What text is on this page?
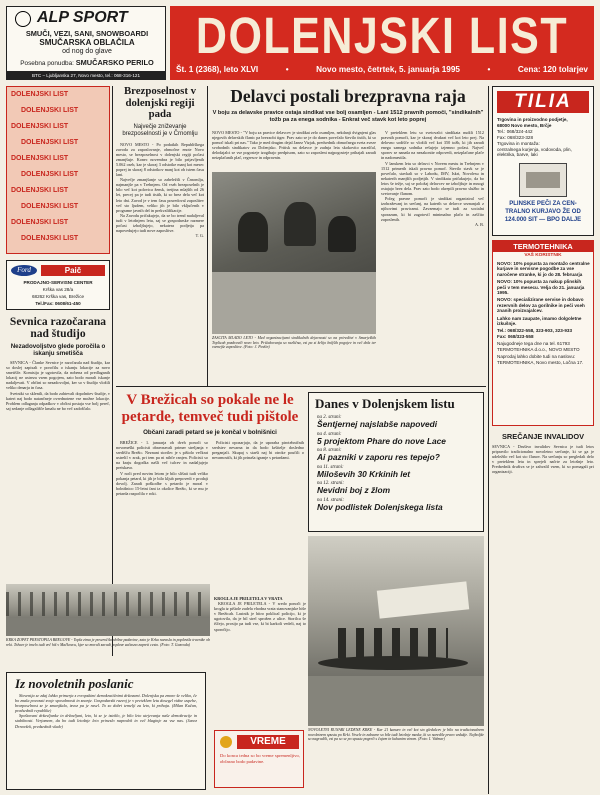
ALP SPORT
SMUČI, VEZI, SANI, SNOWBOARDI
SMUČARSKA OBLAČILA
od nog do glave
Posebna ponudba: SMUČARSKO PERILO
BTC – Ljubljanska 27, Novo mesto, tel.: 068-316-121
DOLENJSKI LIST
Št. 1 (2368), leto XLVI	•	Novo mesto, četrtek, 5. januarja 1995	•	Cena: 120 tolarjev
DOLENJSKI LIST
DOLENJSKI LIST
DOLENJSKI LIST
DOLENJSKI LIST
DOLENJSKI LIST
DOLENJSKI LIST
DOLENJSKI LIST
DOLENJSKI LIST
DOLENJSKI LIST
DOLENJSKI LIST
Ford	Paič
PRODAJNO-SERVISNI CENTER
Krška vas 28/a
68262 Krška vas, Brežice
Tel./Fax: 0608/61-450
Sevnica razočarana nad študijo
Nezadovoljstvo glede poročila o iskanju smetišča

SEVNICA - Članke Sevnice je razočarala nad študijo, kar so doslej zapisali v poročilu o iskanju lokacije za novo smetišče. Komisija je ugotovila, da nobena od predlaganih lokacij ne ustreza vsem pogojem, zato bodo morali iskanje nadaljevati. V občini so nezadovoljni, ker so v študijo vložili veliko denarja in časa.

Svetniki so sklenili, da bodo zahtevali dopolnitev študije, v kateri naj bodo natančneje ovrednotene vse možne lokacije. Problem odlaganja odpadkov v občini postaja vse bolj pereč, saj sedanje odlagališče kmalu ne bo več zadoščalo.

Brezposelnost v dolenjski regiji pada
Največje zniževanje brezposelnosti je v Črnomlju

NOVO MESTO - Po podatkih Republiškega zavoda za zaposlovanje, območne enote Novo mesto, se brezposelnost v dolenjski regiji počasi zmanjšuje. Konec novembra je bilo prijavljenih 5.062 oseb, kar je skoraj 3 odstotke manj kot mesec poprej in skoraj 8 odstotkov manj kot ob istem času lani.

Največje zmanjšanje so zabeležili v Črnomlju, najmanjše pa v Trebnjem. Od vseh brezposelnih je bilo več kot polovica žensk, tretjina mlajših od 26 let, precej pa je tudi tistih, ki so brez dela več kot leto dni. Zavod je v tem času posredoval zaposlitev več sto ljudem, veliko jih je bilo vključenih v programe javnih del in prekvalifikacije.

Na Zavodu pričakujejo, da se bo trend nadaljeval tudi v letošnjem letu, saj se gospodarske razmere počasi izboljšujejo, nekatera podjetja pa napovedujejo tudi nove zaposlitve.

T. G.

Delavci postali brezpravna raja
V boju za delavske pravice ostaja sindikat vse bolj osamljen - Lani 1512 pravnih pomoči, "sindikalnih" tožb pa za enega sodnika - Enkrat več stavk kot leto poprej
NOVO MESTO - "V boju za pravice delavcev je sindikat zelo osamljen, nekdanji dvignjeni glas njegovih delavskih članic pa brezzobi tiger. Prav zato se je do danes povečalo število tistih, ki so pomoč iskali pri nas." Tako je med drugim dejal Janez Vizjak, predsednik območnega sveta zveze svobodnih sindikatov za Dolenjsko. Pritisk na delavce je zadnja leta skokovito naraščal, delodajalci se vse pogosteje izogibajo predpisom, zato so zaposleni najpogosteje prihajali zaradi neizplačanih plač, regresov in odpravnin.
ZAŠČITA MLADO LETO - Med organizacijami sindikalnih dejavnosti so na prireditvi v Šmarjeških Toplicah pozdravili novo leto. Pričakovanja so različna, vsi pa si želijo boljših pogojev in več dela ter varnejše zaposlitve. (Foto: J. Pavlin)

V preteklem letu so svetovalci sindikata nudili 1512 pravnih pomoči, kar je skoraj dvakrat več kot leto prej. Na delovno sodišče so vložili več kot 350 tožb, ki jih zaradi enega samega sodnika rešujejo izjemno počasi. Največ sporov se nanaša na nezakonite odpovedi, neizplačane plače in nadomestila.

V lanskem letu so delavci v Novem mestu in Trebnjem v 1512 primerih iskali pravno pomoč. Število stavk se je povečalo, stavkali so v Labodu, IMV, Iskri, Novolesu in nekaterih manjših podjetjih. V sindikatu pričakujejo, da bo letos še težje, saj se položaj delavcev ne izboljšuje in mnogi ostajajo brez dela. Prav zato bodo okrepili pravno službo in svetovanje članom.

Poleg pravne pomoči je sindikat organiziral več izobraževanj in srečanj, na katerih so delavce seznanjali z njihovimi pravicami. Zavzemajo se tudi za socialni sporazum, ki bi zagotovil minimalno plačo in zaščito zaposlenih.

A. B.

V Brežicah so pokale ne le petarde, temveč tudi pištole
Občani zaradi petard se je končal v bolnišnici

BREŽICE - 1. januarja ob dveh ponoči so novomeški policisti obravnavali primer streljanja v središču Brežic. Neznani storilec je s pištolo večkrat ustrelil v zrak, pri tem pa ni nihče ranjen. Policisti so na kraju dogodka našli več tulcev in nadaljujejo preiskavo.

V noči pred novim letom je bilo slišati tudi veliko pokanja petard, ki jih je bilo kljub prepovedi v prodaji dovolj. Zaradi poškodbe s petardo je moral v bolnišnico 15-letni fant iz okolice Brežic, ki se mu je petarda razpočila v roki.

Policisti opozarjajo, da je uporaba pirotehničnih sredstev nevarna in da bodo kršitelje dosledno preganjali. Skupaj s starši naj bi otroke poučili o nevarnostih, ki jih prinaša igranje s petardami.

Danes v Dolenjskem listu
na 2. strani:
Šentjernej najslabše napovedi
na 4. strani:
5 projektom Phare do nove Lace
na 8. strani:
Ai pazniki v zaporu res tepejo?
na 11. strani:
Miloševih 30 Krkinih let
na 12. strani:
Nevidni boj z žlom
na 14. strani:
Nov podlistek Dolenjskega lista
KRKA ZOPET PRESTOPILA BREGOVE - Topla zima je povzročila obilne padavine, zato je Krka narasla in poplavila travnike ob reki. Težave je imelo tudi več hiš v Mačkovcu, kjer so morali zaradi poplave začasno zapreti cesto. (Foto: T. Gazvoda)

KROGLA JE PRILETELA V VRATA

KROGLA JE PRILETELA - V sredo ponoči je krogla iz pištole zadela vhodna vrata stanovanjske hiše v Brežicah. Lastnik je hitro poklical policijo, ki je ugotovila, da je bil strel sprožen z ulice. Storilca še iščejo, prosijo pa tudi vse, ki bi karkoli vedeli, naj to sporočijo.

NOVOLETNI RUNARI LEDENE KRKE - Kar 21 kanuev in več kot sto gledalcev je bilo na tradicionalnem novoletnem spustu po Krki. Vesele in zabavne so bile tudi letošnje maske, ki so naredile pravo vzdušje. Najboljše so nagradili, vsi pa so se po spustu pogreli s čajem in kuhanim vinom. (Foto: I. Vidmar)
Iz novoletnih poslanic

Slovenija se zdaj lahko primerja z evropskimi demokratičnimi državami. Dolenjska pa zmore še veliko, če bo znala povezati svoje sposobnosti in znanje. Gospodarski razvoj je v preteklem letu dosegel vidne uspehe, brezposelnost se je zmanjšala, izvoz pa je rasel. To so dobri temelji za leto, ki prihaja. (Milan Kučan, predsednik republike)

Spoštovani državljanke in državljani, leto, ki se je izteklo, je bilo leto utrjevanja naše demokracije in stabilnosti. Verjamem, da bo tudi letošnje leto prineslo napredek in več blaginje za vse nas. (Janez Drnovšek, predsednik vlade)

VREME
Do konca tedna so bo vreme spremenljivo, občasno bodo padavine.
TILIA
Trgovina in proizvodno podjetje,
68000 Novo mesto, Brčje
Tel.: 068/324-442
Fax: 068/323-328
Trgovina in montaža:
centralnega kurjenja, vodovoda, plin, elektrika, barve, laki
PLINSKE PEČI ZA CEN-
TRALNO KURJAVO ŽE OD
124.000 SIT — BPO DALJE
TERMOTEHNIKA
VAŠ KORISTNIK

NOVO: 10% popusta za montažo centralne kurjave in servisne pogodbe za vse naročene stranke, ki jo do 28. februarja

NOVO: 10% popusta za nakup plinskih peči v tem mesecu. Velja do 21. januarja 1995.

NOVO: specializirane servise in dobavo rezervnih delov za gorilnike in peči vseh znanih proizvajalcev.

Lahko nam zaupate, imamo dolgoletne izkušnje.

Tel.: 068/322-558, 323-903, 323-933

Fax: 068/323-558

Najugodneje tega dne na tel. 61793 TERMOTEHNIKA d.o.o., NOVO MESTO

Naprodaj lahko dobite tudi na naslovu: TERMOTEHNIKA, Novo mesto, Ločna 17.

SREČANJE INVALIDOV
SEVNICA - Društvo invalidov Sevnica je tudi letos pripravilo tradicionalno novoletno srečanje, ki se ga je udeležilo več kot sto članov. Na srečanju so pregledali delo v preteklem letu in sprejeli načrte za letošnje leto. Predsednik društva se je zahvalil vsem, ki so pomagali pri organizaciji.
